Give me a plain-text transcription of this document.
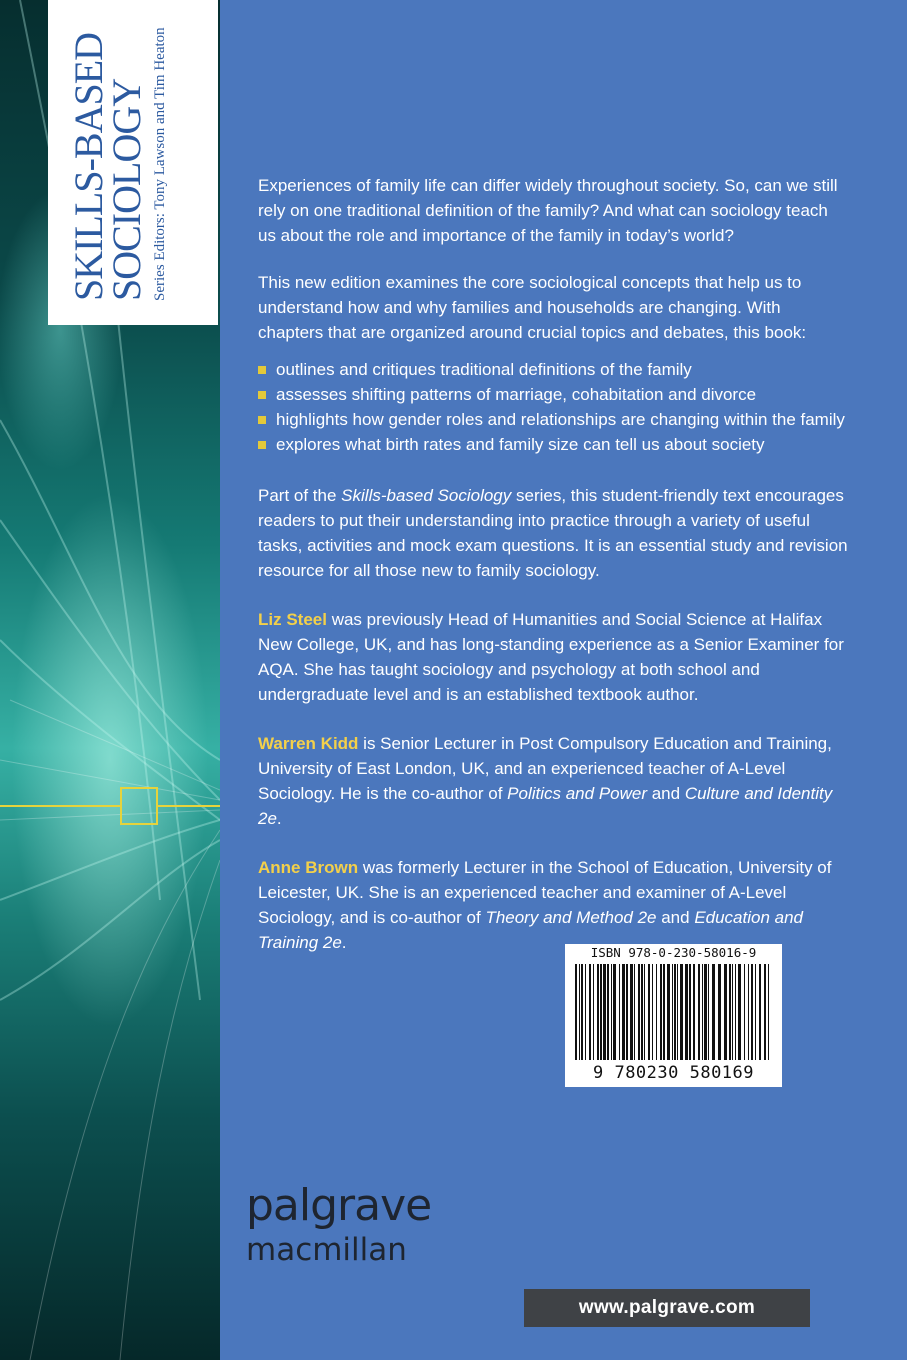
SKILLS-BASED
SOCIOLOGY Series Editors: Tony Lawson and Tim Heaton	Experiences of family life can differ widely throughout society. So, can we still rely on one traditional definition of the family? And what can sociology teach us about the role and importance of the family in today’s world?

This new edition examines the core sociological concepts that help us to understand how and why families and households are changing. With chapters that are organized around crucial topics and debates, this book:

outlines and critiques traditional definitions of the family
assesses shifting patterns of marriage, cohabitation and divorce
highlights how gender roles and relationships are changing within the family
explores what birth rates and family size can tell us about society

Part of the Skills-based Sociology series, this student-friendly text encourages readers to put their understanding into practice through a variety of useful tasks, activities and mock exam questions. It is an essential study and revision resource for all those new to family sociology.

Liz Steel was previously Head of Humanities and Social Science at Halifax New College, UK, and has long-standing experience as a Senior Examiner for AQA. She has taught sociology and psychology at both school and undergraduate level and is an established textbook author.

Warren Kidd is Senior Lecturer in Post Compulsory Education and Training, University of East London, UK, and an experienced teacher of A-Level Sociology. He is the co-author of Politics and Power and Culture and Identity 2e.

Anne Brown was formerly Lecturer in the School of Education, University of Leicester, UK. She is an experienced teacher and examiner of A-Level Sociology, and is co-author of Theory and Method 2e and Education and Training 2e.

ISBN 978-0-230-58016-9
9 780230 580169
palgrave
macmillan
www.palgrave.com
